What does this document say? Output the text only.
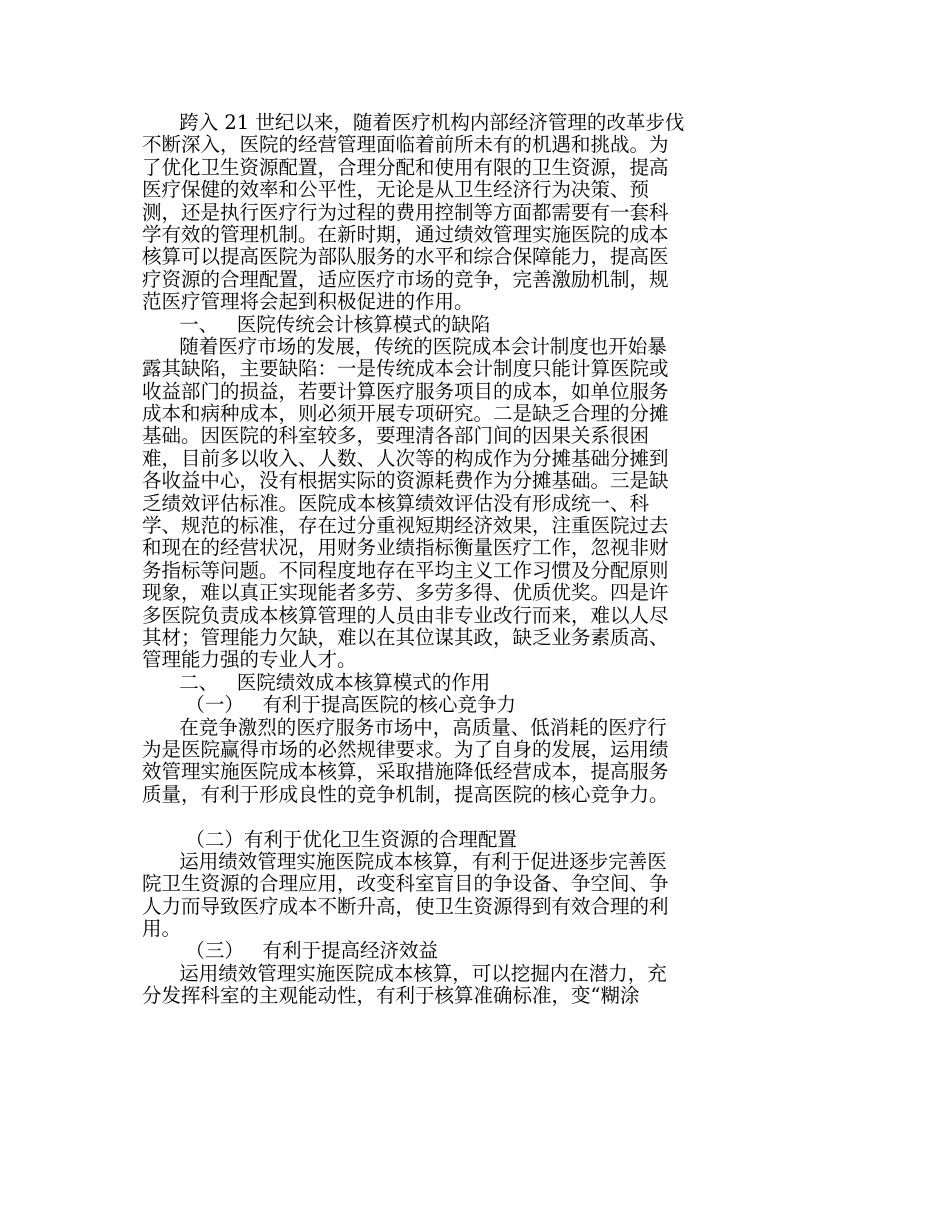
跨入 21 世纪以来，随着医疗机构内部经济管理的改革步伐
不断深入，医院的经营管理面临着前所未有的机遇和挑战。为
了优化卫生资源配置，合理分配和使用有限的卫生资源，提高
医疗保健的效率和公平性，无论是从卫生经济行为决策、预
测，还是执行医疗行为过程的费用控制等方面都需要有一套科
学有效的管理机制。在新时期，通过绩效管理实施医院的成本
核算可以提高医院为部队服务的水平和综合保障能力，提高医
疗资源的合理配置，适应医疗市场的竞争，完善激励机制，规
范医疗管理将会起到积极促进的作用。
一、   医院传统会计核算模式的缺陷
随着医疗市场的发展，传统的医院成本会计制度也开始暴
露其缺陷，主要缺陷：一是传统成本会计制度只能计算医院或
收益部门的损益，若要计算医疗服务项目的成本，如单位服务
成本和病种成本，则必须开展专项研究。二是缺乏合理的分摊
基础。因医院的科室较多，要理清各部门间的因果关系很困
难，目前多以收入、人数、人次等的构成作为分摊基础分摊到
各收益中心，没有根据实际的资源耗费作为分摊基础。三是缺
乏绩效评估标准。医院成本核算绩效评估没有形成统一、科
学、规范的标准，存在过分重视短期经济效果，注重医院过去
和现在的经营状况，用财务业绩指标衡量医疗工作，忽视非财
务指标等问题。不同程度地存在平均主义工作习惯及分配原则
现象，难以真正实现能者多劳、多劳多得、优质优奖。四是许
多医院负责成本核算管理的人员由非专业改行而来，难以人尽
其材；管理能力欠缺，难以在其位谋其政，缺乏业务素质高、
管理能力强的专业人才。
二、   医院绩效成本核算模式的作用
（一）   有利于提高医院的核心竞争力
在竞争激烈的医疗服务市场中，高质量、低消耗的医疗行
为是医院赢得市场的必然规律要求。为了自身的发展，运用绩
效管理实施医院成本核算，采取措施降低经营成本，提高服务
质量，有利于形成良性的竞争机制，提高医院的核心竞争力。
（二）有利于优化卫生资源的合理配置
运用绩效管理实施医院成本核算，有利于促进逐步完善医
院卫生资源的合理应用，改变科室盲目的争设备、争空间、争
人力而导致医疗成本不断升高，使卫生资源得到有效合理的利
用。
（三）   有利于提高经济效益
运用绩效管理实施医院成本核算，可以挖掘内在潜力，充
分发挥科室的主观能动性，有利于核算准确标准，变“糊涂
